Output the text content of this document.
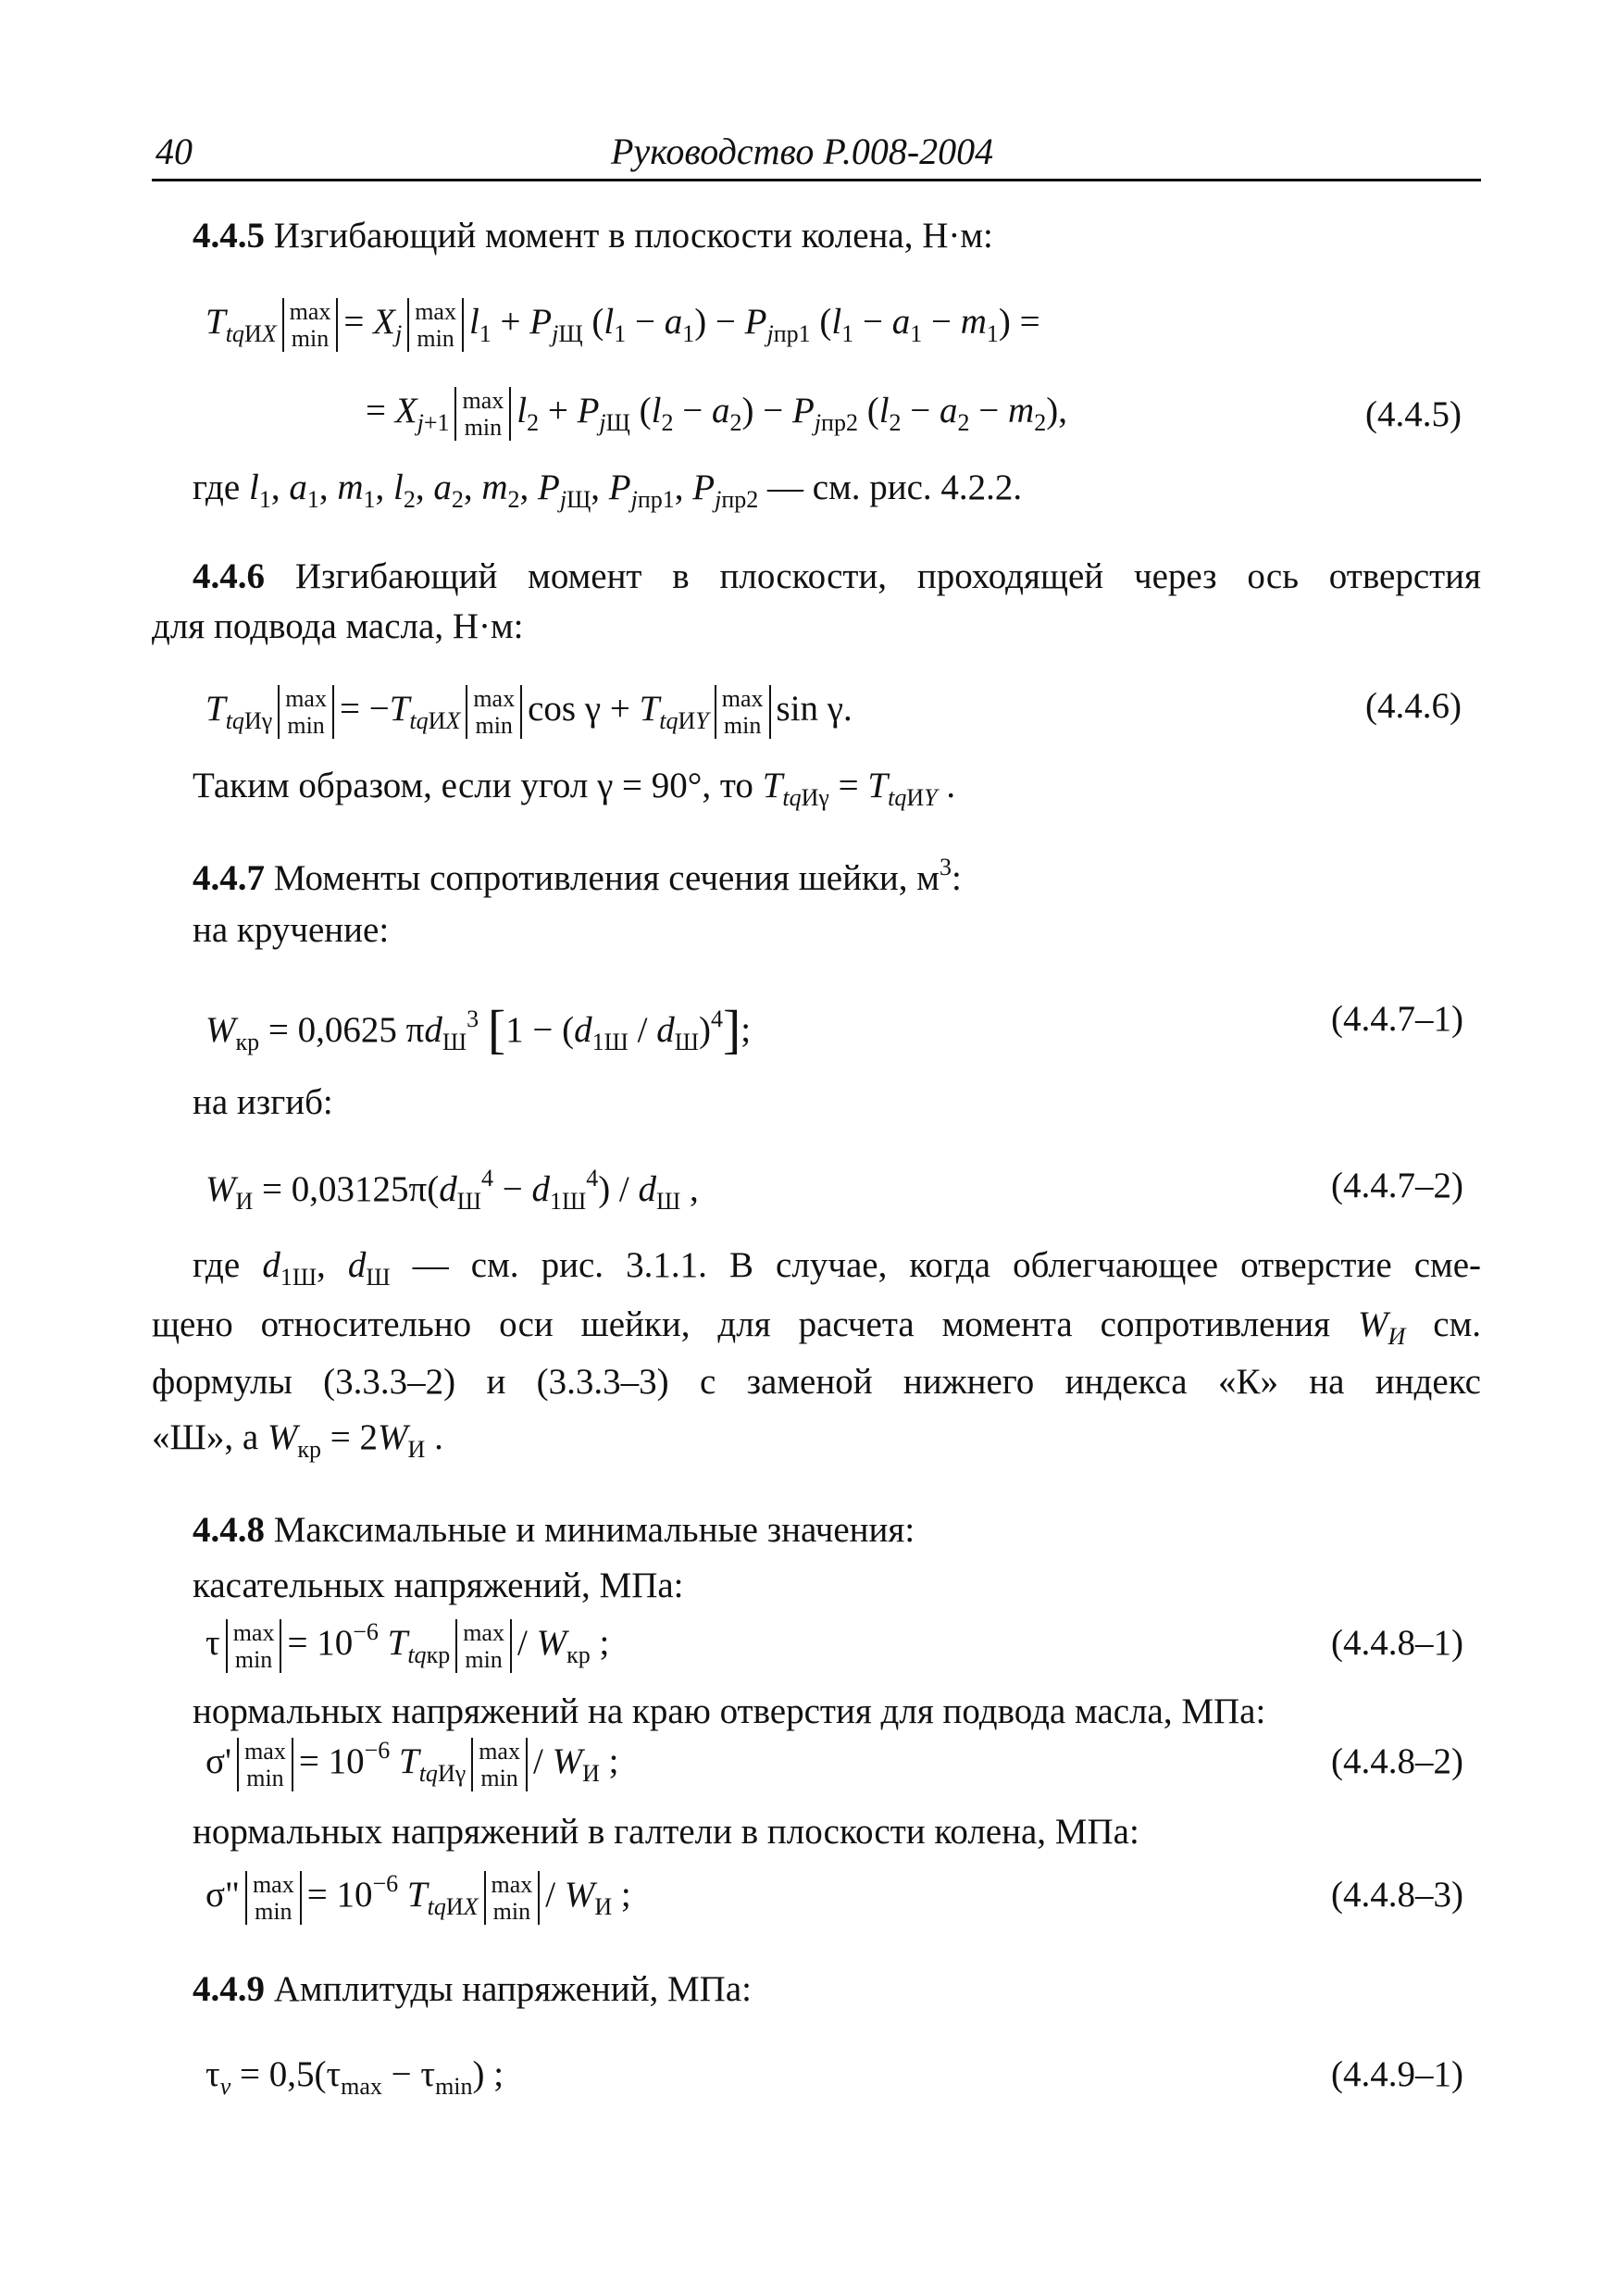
40	Руководство Р.008-2004
4.4.5 Изгибающий момент в плоскости колена, Н·м:
$T_{tqИX}$
max
$\min = X_j$
max
$\min l_1 + P_{jЩ}$ $(l_1 - a_1) - P_{jпр1}$ $(l_1 - a_1 - m_1)$ =
= $X_{j+1}$
max
$\min l_2 + P_{jЩ}$ $(l_2 - a_2) - P_{jпр2}$ $(l_2 - a_2 - m_2)$,	(4.4.5)
где $l_1$, $a_1$, $m_1$, $l_2$, $a_2$, $m_2$, $P_{jЩ}$, $P_{jпр1}$, $P_{jпр2}$ — см. рис. 4.2.2.
4.4.6 Изгибающий момент в плоскости, проходящей через ось отверстия
для подвода масла, Н·м:
$T_{tqИ\gamma}$
max
$\min = -T_{tqИX}$
max
$\min \cos \gamma + T_{tqИY}$
max
min sin γ.	(4.4.6)
Таким образом, если угол γ = 90°, то $T_{tqИ\gamma} = T_{tqИY}$ .
4.4.7 Моменты сопротивления сечения шейки, $м^3$:
на кручение:
$W_{кр} = 0,0625$ $\pi d_Ш^3$ $[1 - (d_{1Ш} / d_Ш)^4]$;	(4.4.7–1)
на изгиб:
$W_И = 0,03125\pi(d_Ш^4 - d_{1Ш}^4) / d_Ш$ ,	(4.4.7–2)
где $d_{1Ш}$, $d_Ш$ — см. рис. 3.1.1. В случае, когда облегчающее отверстие сме-
щено относительно оси шейки, для расчета момента сопротивления $W_И$ см.
формулы (3.3.3–2) и (3.3.3–3) с заменой нижнего индекса «К» на индекс
«Ш», а $W_{кр} = 2W_И$ .
4.4.8 Максимальные и минимальные значения:
касательных напряжений, МПа:
τ max
$\min = 10^{-6}$ $T_{tqкр}$
max
min / $W_{кр}$ ;	(4.4.8–1)
нормальных напряжений на краю отверстия для подвода масла, МПа:
σ' max
$\min = 10^{-6}$ $T_{tqИ\gamma}$
max
min / $W_И$ ;	(4.4.8–2)
нормальных напряжений в галтели в плоскости колена, МПа:
σ" max
$\min = 10^{-6}$ $T_{tqИX}$
max
min / $W_И$ ;	(4.4.8–3)
4.4.9 Амплитуды напряжений, МПа:
$\tau_v = 0,5(\tau_{max} - \tau_{min})$ ;	(4.4.9–1)
